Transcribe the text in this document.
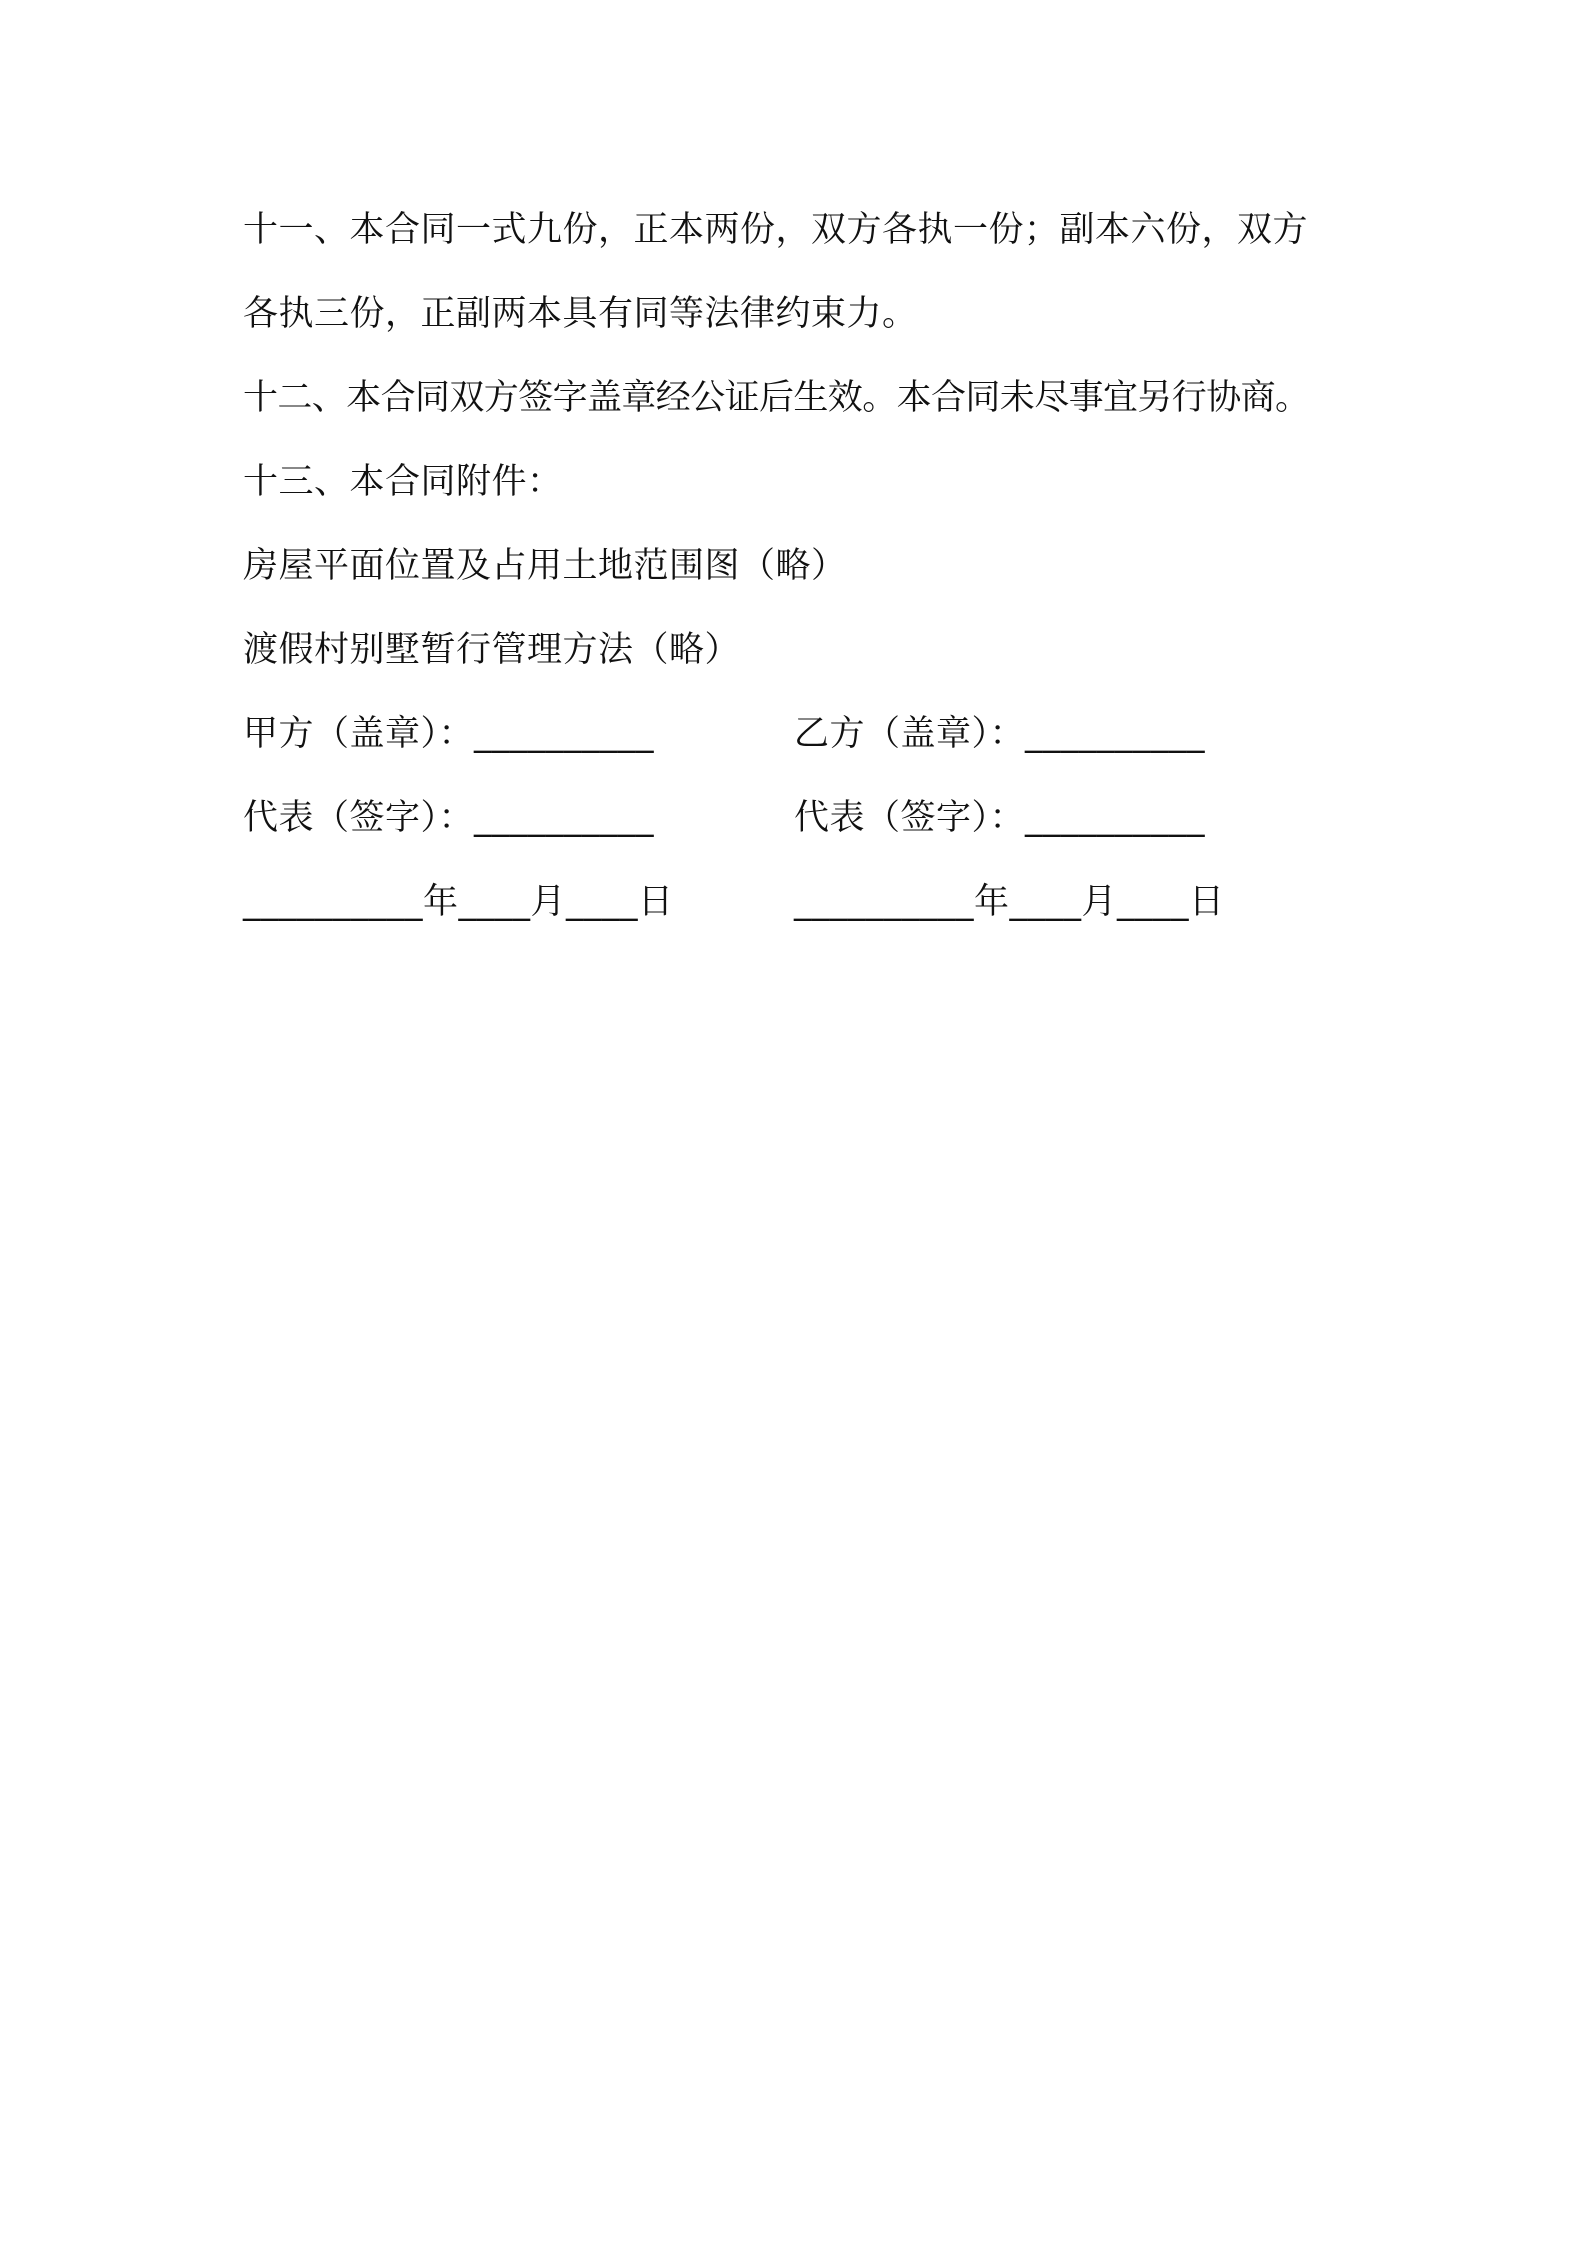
十一、本合同一式九份，正本两份，双方各执一份；副本六份，双方
各执三份，正副两本具有同等法律约束力。
十二、本合同双方签字盖章经公证后生效。本合同未尽事宜另行协商。
十三、本合同附件：
房屋平面位置及占用土地范围图（略）
渡假村别墅暂行管理方法（略）
甲方（盖章）：__________	乙方（盖章）：__________
代表（签字）：__________	代表（签字）：__________
__________年____月____日	__________年____月____日
